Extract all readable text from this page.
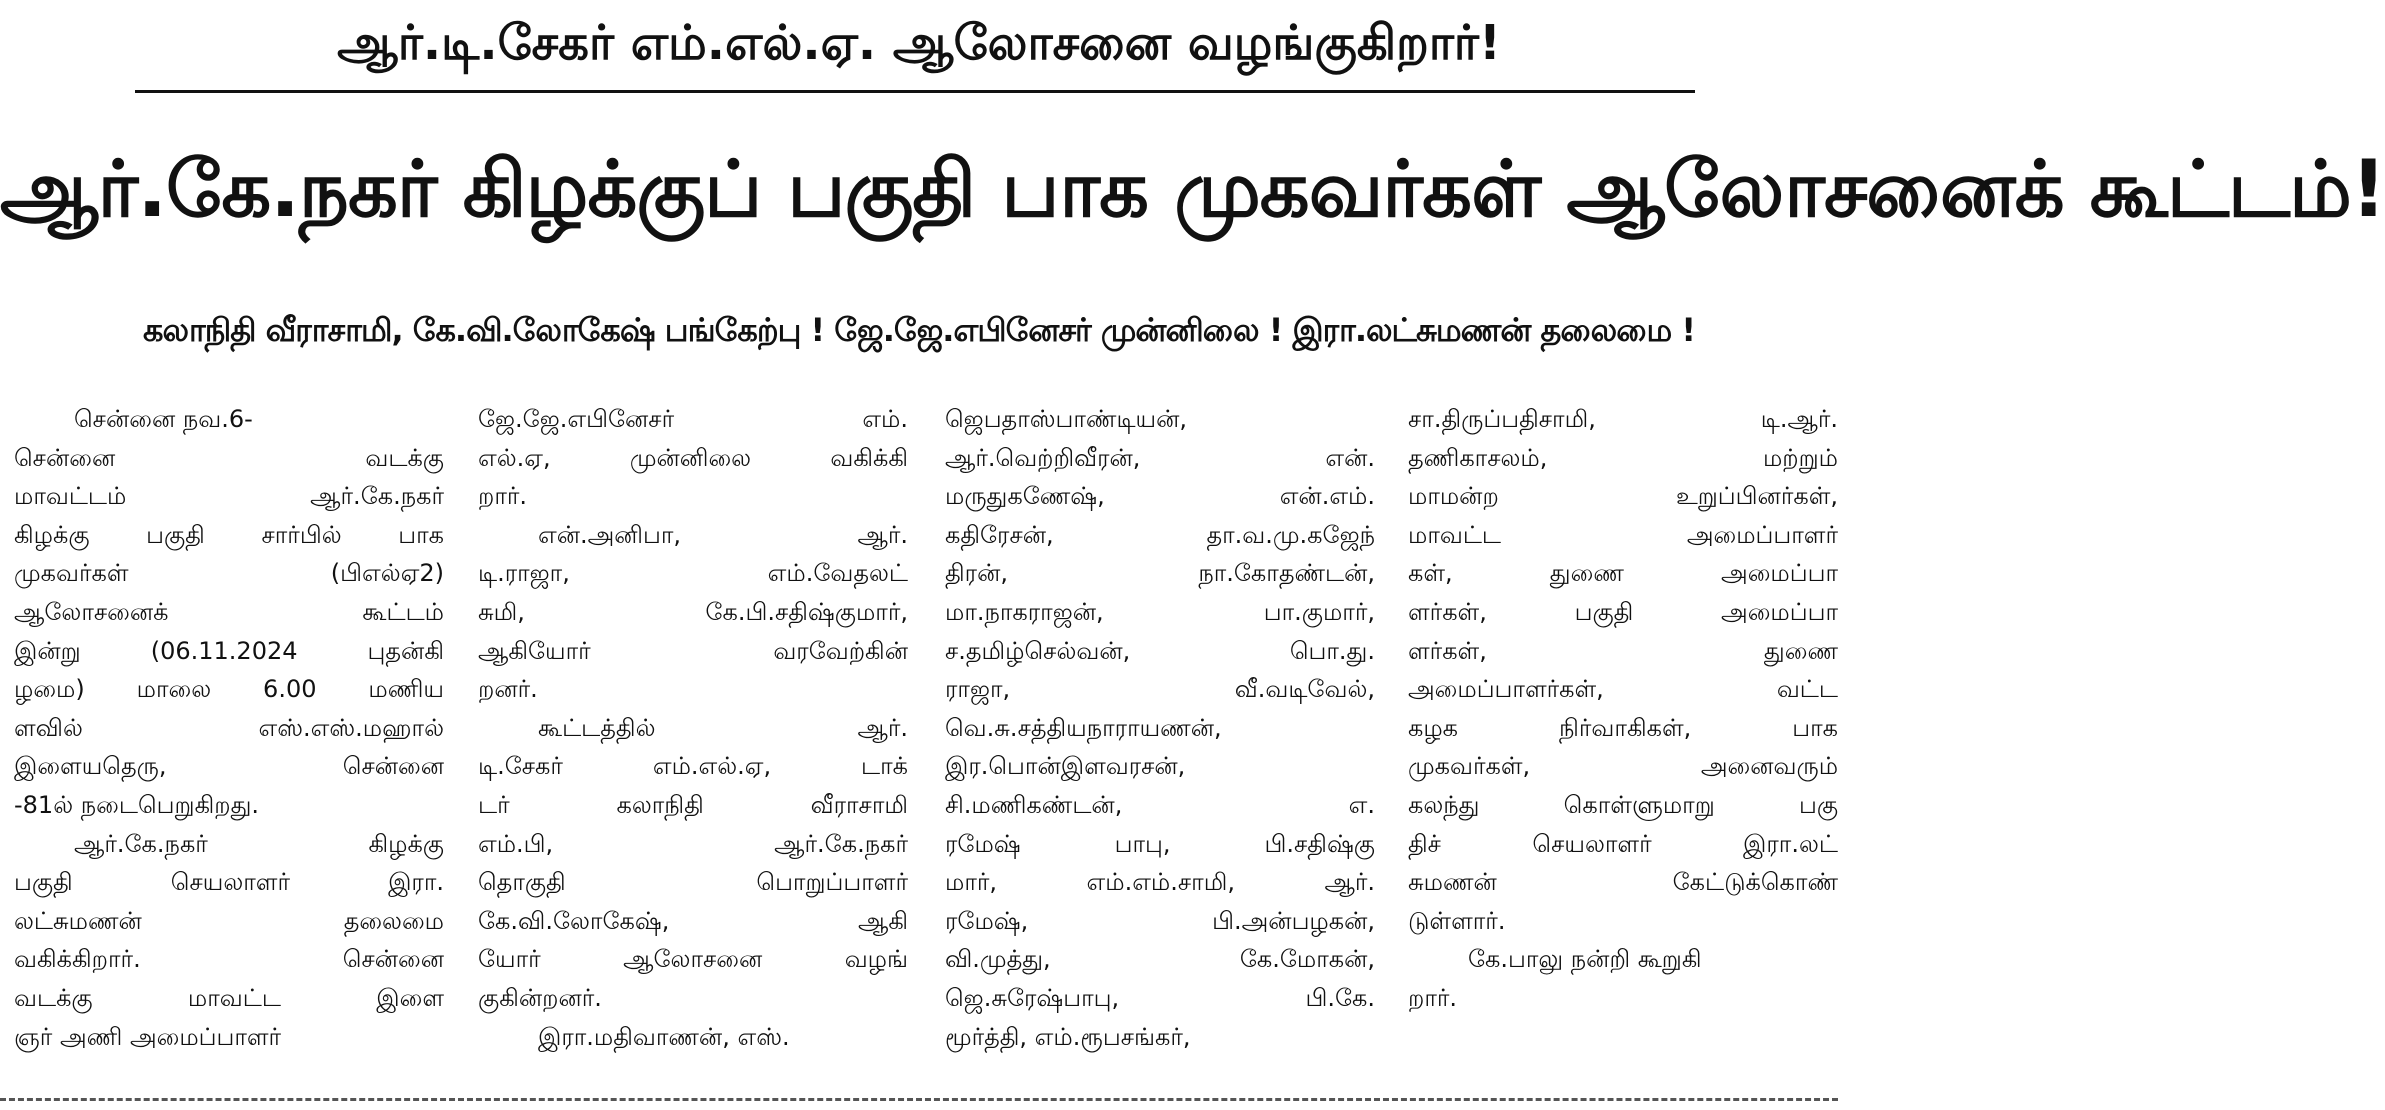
ஆர்.டி.சேகர் எம்.எல்.ஏ. ஆலோசனை வழங்குகிறார்!
ஆர்.கே.நகர் கிழக்குப் பகுதி பாக முகவர்கள் ஆலோசனைக் கூட்டம்!
கலாநிதி வீராசாமி, கே.வி.லோகேஷ் பங்கேற்பு ! ஜே.ஜே.எபினேசர் முன்னிலை ! இரா.லட்சுமணன் தலைமை !
சென்னை நவ.6-
சென்னை வடக்கு
மாவட்டம் ஆர்.கே.நகர்
கிழக்கு பகுதி சார்பில் பாக
முகவர்கள் (பிஎல்ஏ2)
ஆலோசனைக் கூட்டம்
இன்று (06.11.2024 புதன்கி
ழமை) மாலை 6.00 மணிய
ளவில் எஸ்.எஸ்.மஹால்
இளையதெரு, சென்னை
-81ல் நடைபெறுகிறது.
ஆர்.கே.நகர் கிழக்கு
பகுதி செயலாளர் இரா.
லட்சுமணன் தலைமை
வகிக்கிறார். சென்னை
வடக்கு மாவட்ட இளை
ஞர் அணி அமைப்பாளர்
ஜே.ஜே.எபினேசர் எம்.
எல்.ஏ, முன்னிலை வகிக்கி
றார்.
என்.அனிபா, ஆர்.
டி.ராஜா, எம்.வேதலட்
சுமி, கே.பி.சதிஷ்குமார்,
ஆகியோர் வரவேற்கின்
றனர்.
கூட்டத்தில் ஆர்.
டி.சேகர் எம்.எல்.ஏ, டாக்
டர் கலாநிதி வீராசாமி
எம்.பி, ஆர்.கே.நகர்
தொகுதி பொறுப்பாளர்
கே.வி.லோகேஷ், ஆகி
யோர் ஆலோசனை வழங்
குகின்றனர்.
இரா.மதிவாணன், எஸ்.
ஜெபதாஸ்பாண்டியன்,
ஆர்.வெற்றிவீரன், என்.
மருதுகணேஷ், என்.எம்.
கதிரேசன், தா.வ.மு.கஜேந்
திரன், நா.கோதண்டன்,
மா.நாகராஜன், பா.குமார்,
ச.தமிழ்செல்வன், பொ.து.
ராஜா, வீ.வடிவேல்,
வெ.சு.சத்தியநாராயணன்,
இர.பொன்இளவரசன்,
சி.மணிகண்டன், எ.
ரமேஷ் பாபு, பி.சதிஷ்கு
மார், எம்.எம்.சாமி, ஆர்.
ரமேஷ், பி.அன்பழகன்,
வி.முத்து, கே.மோகன்,
ஜெ.சுரேஷ்பாபு, பி.கே.
மூர்த்தி, எம்.ரூபசங்கர்,
சா.திருப்பதிசாமி, டி.ஆர்.
தணிகாசலம், மற்றும்
மாமன்ற உறுப்பினர்கள்,
மாவட்ட அமைப்பாளர்
கள், துணை அமைப்பா
ளர்கள், பகுதி அமைப்பா
ளர்கள், துணை
அமைப்பாளர்கள், வட்ட
கழக நிர்வாகிகள், பாக
முகவர்கள், அனைவரும்
கலந்து கொள்ளுமாறு பகு
திச் செயலாளர் இரா.லட்
சுமணன் கேட்டுக்கொண்
டுள்ளார்.
கே.பாலு நன்றி கூறுகி
றார்.
